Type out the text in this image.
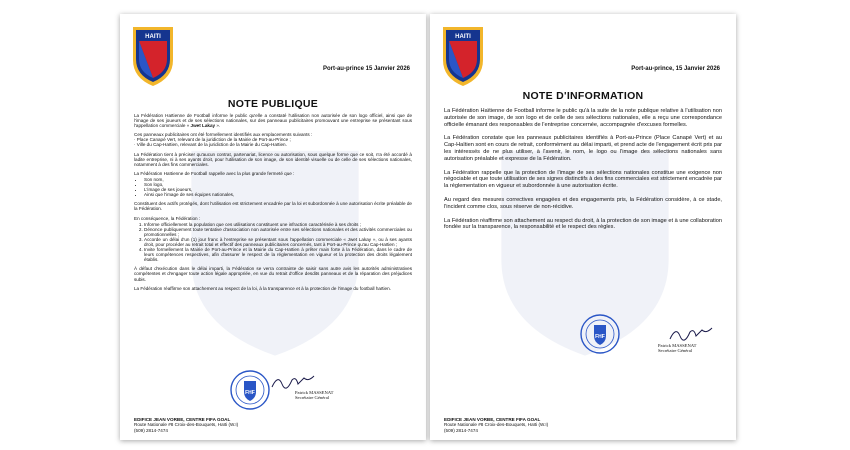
HAITI
Port-au-prince 15 Janvier 2026
NOTE PUBLIQUE

La Fédération Haïtienne de Football informe le public qu'elle a constaté l'utilisation non autorisée de son logo officiel, ainsi que de l'image de ses joueurs et de ses sélections nationales, sur des panneaux publicitaires promouvant une entreprise se présentant sous l'appellation commerciale « Jwet Lakay ».

Ces panneaux publicitaires ont été formellement identifiés aux emplacements suivants :
· Place Canapé Vert, relevant de la juridiction de la Mairie de Port-au-Prince ;
· Ville du Cap-Haïtien, relevant de la juridiction de la Mairie du Cap-Haïtien.

La Fédération tient à préciser qu'aucun contrat, partenariat, licence ou autorisation, sous quelque forme que ce soit, n'a été accordé à ladite entreprise, ni à ses ayants droit, pour l'utilisation de son image, de son identité visuelle ou de celle de ses sélections nationales, notamment à des fins commerciales.

La Fédération Haïtienne de Football rappelle avec la plus grande fermeté que :

• Son nom,
• Son logo,
• L'image de ses joueurs,
• Ainsi que l'image de ses équipes nationales,

Constituent des actifs protégés, dont l'utilisation est strictement encadrée par la loi et subordonnée à une autorisation écrite préalable de la Fédération.

En conséquence, la Fédération :

1. Informe officiellement la population que ces utilisations constituent une infraction caractérisée à ses droits ;
2. Dénonce publiquement toute tentative d'association non autorisée entre ses sélections nationales et des activités commerciales ou promotionnelles ;
3. Accorde un délai d'un (1) jour franc à l'entreprise se présentant sous l'appellation commerciale « Jwet Lakay », ou à ses ayants droit, pour procéder au retrait total et effectif des panneaux publicitaires concernés, tant à Port-au-Prince qu'au Cap-Haïtien ;
4. Invite formellement la Mairie de Port-au-Prince et la Mairie du Cap-Haïtien à prêter main forte à la Fédération, dans le cadre de leurs compétences respectives, afin d'assurer le respect de la réglementation en vigueur et la protection des droits légalement établis.

À défaut d'exécution dans le délai imparti, la Fédération se verra contrainte de saisir sans autre avis les autorités administratives compétentes et d'engager toute action légale appropriée, en vue du retrait d'office desdits panneaux et de la réparation des préjudices subis.

La Fédération réaffirme son attachement au respect de la loi, à la transparence et à la protection de l'image du football haïtien.

FHF	Patrick MASSENAT
Secrétaire Général
EDIFICE JEAN VORBE, CENTRE FIFA GOAL
Route Nationale #8 Croix-des-Bouquets, Haïti (W.I)
(509) 2814-7474
HAITI
Port-au-prince, 15 Janvier 2026
NOTE D'INFORMATION

La Fédération Haïtienne de Football informe le public qu'à la suite de la note publique relative à l'utilisation non autorisée de son image, de son logo et de celle de ses sélections nationales, elle a reçu une correspondance officielle émanant des responsables de l'entreprise concernée, accompagnée d'excuses formelles.

La Fédération constate que les panneaux publicitaires identifiés à Port-au-Prince (Place Canapé Vert) et au Cap-Haïtien sont en cours de retrait, conformément au délai imparti, et prend acte de l'engagement écrit pris par les intéressés de ne plus utiliser, à l'avenir, le nom, le logo ou l'image des sélections nationales sans autorisation préalable et expresse de la Fédération.

La Fédération rappelle que la protection de l'image de ses sélections nationales constitue une exigence non négociable et que toute utilisation de ses signes distinctifs à des fins commerciales est strictement encadrée par la réglementation en vigueur et subordonnée à une autorisation écrite.

Au regard des mesures correctives engagées et des engagements pris, la Fédération considère, à ce stade, l'incident comme clos, sous réserve de non-récidive.

La Fédération réaffirme son attachement au respect du droit, à la protection de son image et à une collaboration fondée sur la transparence, la responsabilité et le respect des règles.

FHF
Patrick MASSENAT
Secrétaire Général
EDIFICE JEAN VORBE, CENTRE FIFA GOAL
Route Nationale #8 Croix-des-Bouquets, Haïti (W.I)
(509) 2814-7474
